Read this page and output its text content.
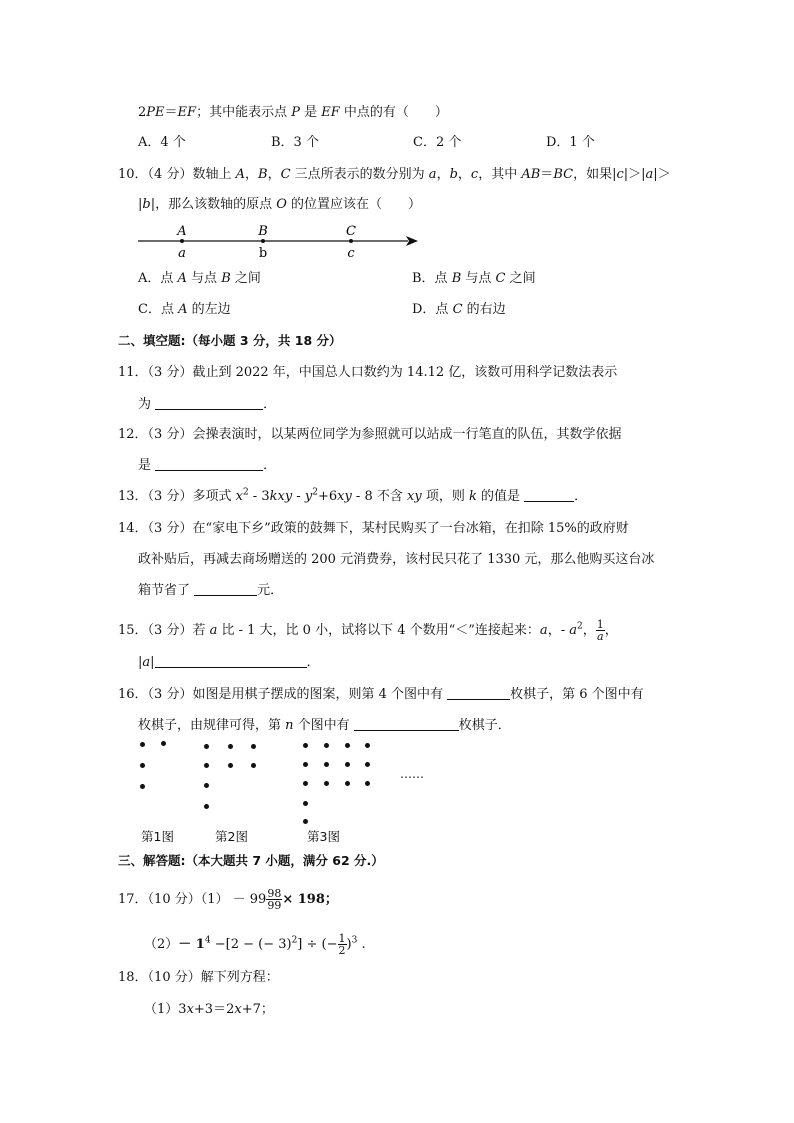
2PE＝EF；其中能表示点 P 是 EF 中点的有（　　）
A．4 个	B．3 个	C．2 个	D．1 个
10．（4 分）数轴上 A，B，C 三点所表示的数分别为 a，b，c，其中 AB＝BC，如果|c|＞|a|＞
|b|，那么该数轴的原点 O 的位置应该在（　　）
A
a
B
b
C
c
A．点 A 与点 B 之间	B．点 B 与点 C 之间
C．点 A 的左边	D．点 C 的右边
二、填空题:（每小题 3 分，共 18 分）
11．（3 分）截止到 2022 年，中国总人口数约为 14.12 亿，该数可用科学记数法表示
为	．
12．（3 分）会操表演时，以某两位同学为参照就可以站成一行笔直的队伍，其数学依据
是	．
13．（3 分）多项式 $x^2 - 3kxy - y^2+6xy - 8$ 不含 xy 项，则 k 的值是	．
14．（3 分）在“家电下乡”政策的鼓舞下，某村民购买了一台冰箱，在扣除 15%的政府财
政补贴后，再减去商场赠送的 200 元消费券，该村民只花了 1330 元，那么他购买这台冰
箱节省了	元．
15．（3 分）若 a 比 - 1 大，比 0 小，试将以下 4 个数用“＜”连接起来：a，- $a^2$， $\frac{1}{a}$ ，
|a|	．
16．（3 分）如图是用棋子摆成的图案，则第 4 个图中有	枚棋子，第 6 个图中有
枚棋子，由规律可得，第 n 个图中有	枚棋子．
……
第1图	第2图	第3图
三、解答题:（本大题共 7 小题，满分 62 分.）
17．（10 分）$(1) - 99 \frac{98}{99} \times 198$；
$(2)- 1^4 -[2$ − (− 3)$^2$] ÷ (− $\frac{1}{2} )^3$ .
18．（10 分）解下列方程：
（1）3x+3＝2x+7；
